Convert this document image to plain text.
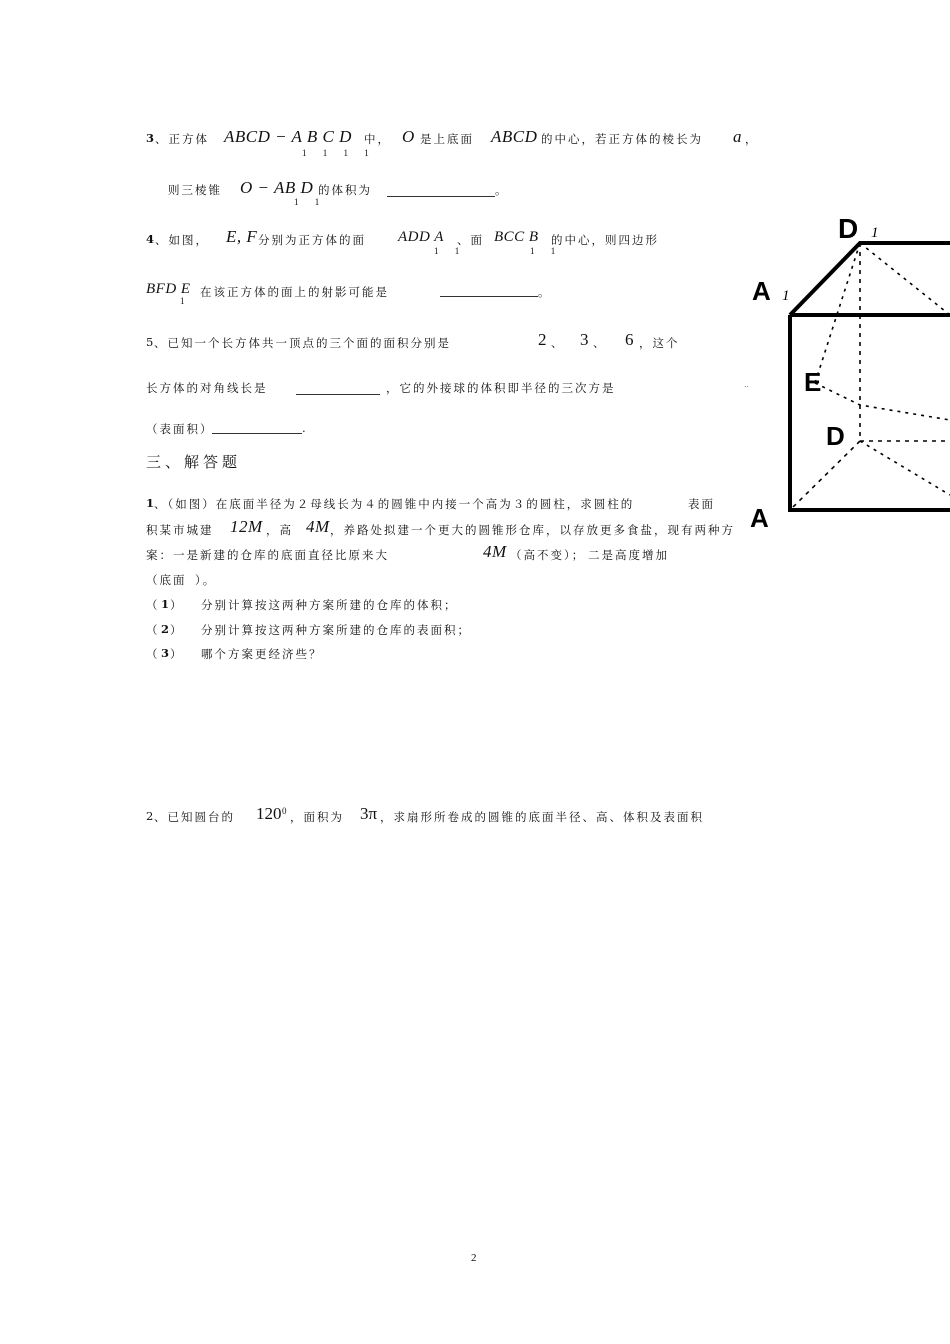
3 、正方体 ABCD − A B C D
1 1 1 1
中， O 是上底面 ABCD 的中心，若正方体的棱长为 a ，
则三棱锥 O − AB D
1 1
的体积为	。
4 、如图， E, F 分别为正方体的面 ADD A
1 1
、面 BCC B
1 1
的中心，则四边形
BFD E
1
在该正方体的面上的射影可能是	。
5
、已知一个长方体共一顶点的三个面的面积分别是	2 、 3 、 6 ，这个
长方体的对角线长是	，它的外接球的体积即半径的三次方是
（表面积）	.
三、解答题
1 、（如图）在底面半径为２母线长为４的圆锥中内接一个高为３的圆柱，求圆柱的	表面
积某市城建 12M ，高 4M ，养路处拟建一个更大的圆锥形仓库，以存放更多食盐，现有两种方
案：一是新建的仓库的底面直径比原来大	4M （高不变）； 二是高度增加
（底面 ）。
（ 1 ） 分别计算按这两种方案所建的仓库的体积；
（ 2 ） 分别计算按这两种方案所建的仓库的表面积；
（ 3 ） 哪个方案更经济些？
2
、已知圆台的 120 0 ，面积为 3π ，求扇形所卷成的圆锥的底面半径、高、体积及表面积
D 1
A 1
E
D
A
..
2
